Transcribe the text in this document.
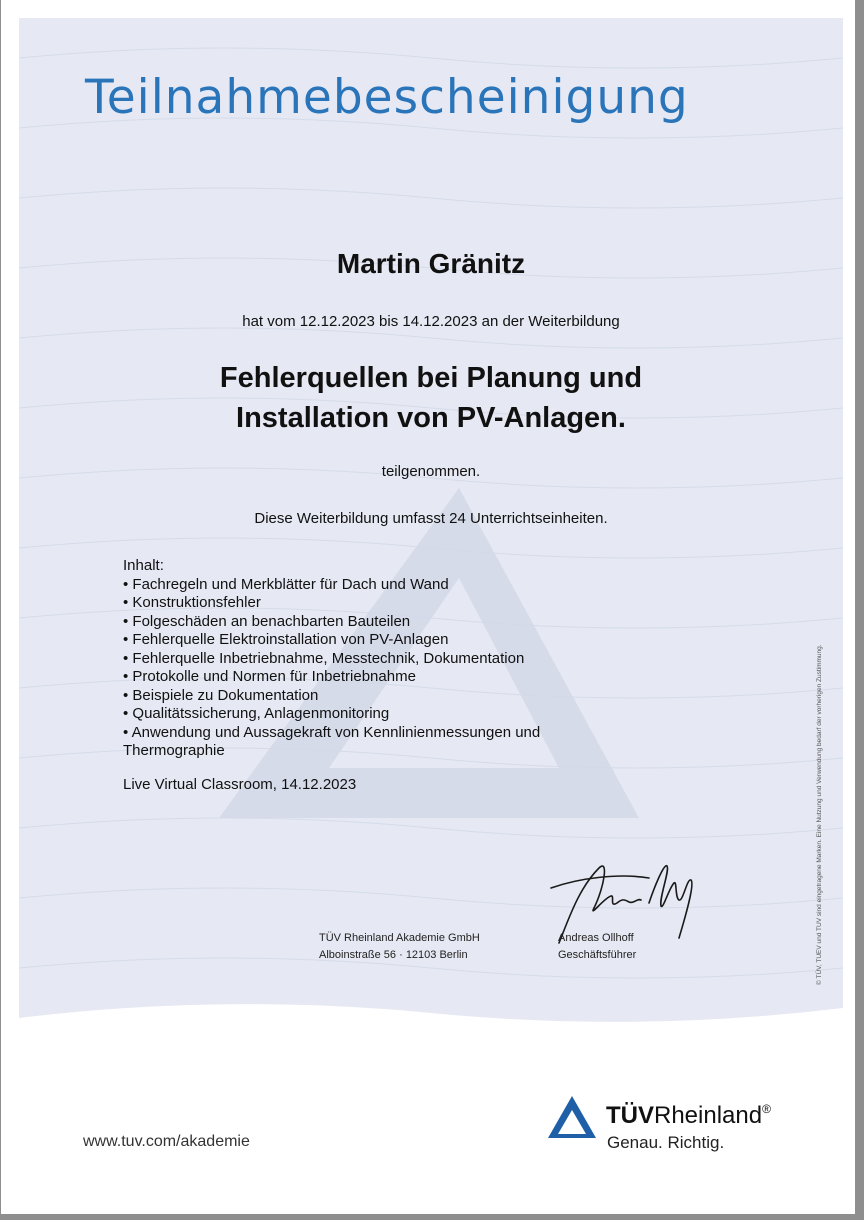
Teilnahmebescheinigung
Martin Gränitz
hat vom 12.12.2023 bis 14.12.2023 an der Weiterbildung
Fehlerquellen bei Planung und
Installation von PV-Anlagen.
teilgenommen.
Diese Weiterbildung umfasst 24 Unterrichtseinheiten.
Inhalt:
• Fachregeln und Merkblätter für Dach und Wand
• Konstruktionsfehler
• Folgeschäden an benachbarten Bauteilen
• Fehlerquelle Elektroinstallation von PV-Anlagen
• Fehlerquelle Inbetriebnahme, Messtechnik, Dokumentation
• Protokolle und Normen für Inbetriebnahme
• Beispiele zu Dokumentation
• Qualitätssicherung, Anlagenmonitoring
• Anwendung und Aussagekraft von Kennlinienmessungen und
Thermographie
Live Virtual Classroom, 14.12.2023
TÜV Rheinland Akademie GmbH
Alboinstraße 56 · 12103 Berlin
Andreas Ollhoff
Geschäftsführer	© TÜV, TUEV und TUV sind eingetragene Marken. Eine Nutzung und Verwendung bedarf der vorherigen Zustimmung.
www.tuv.com/akademie
TÜVRheinland®
Genau. Richtig.
